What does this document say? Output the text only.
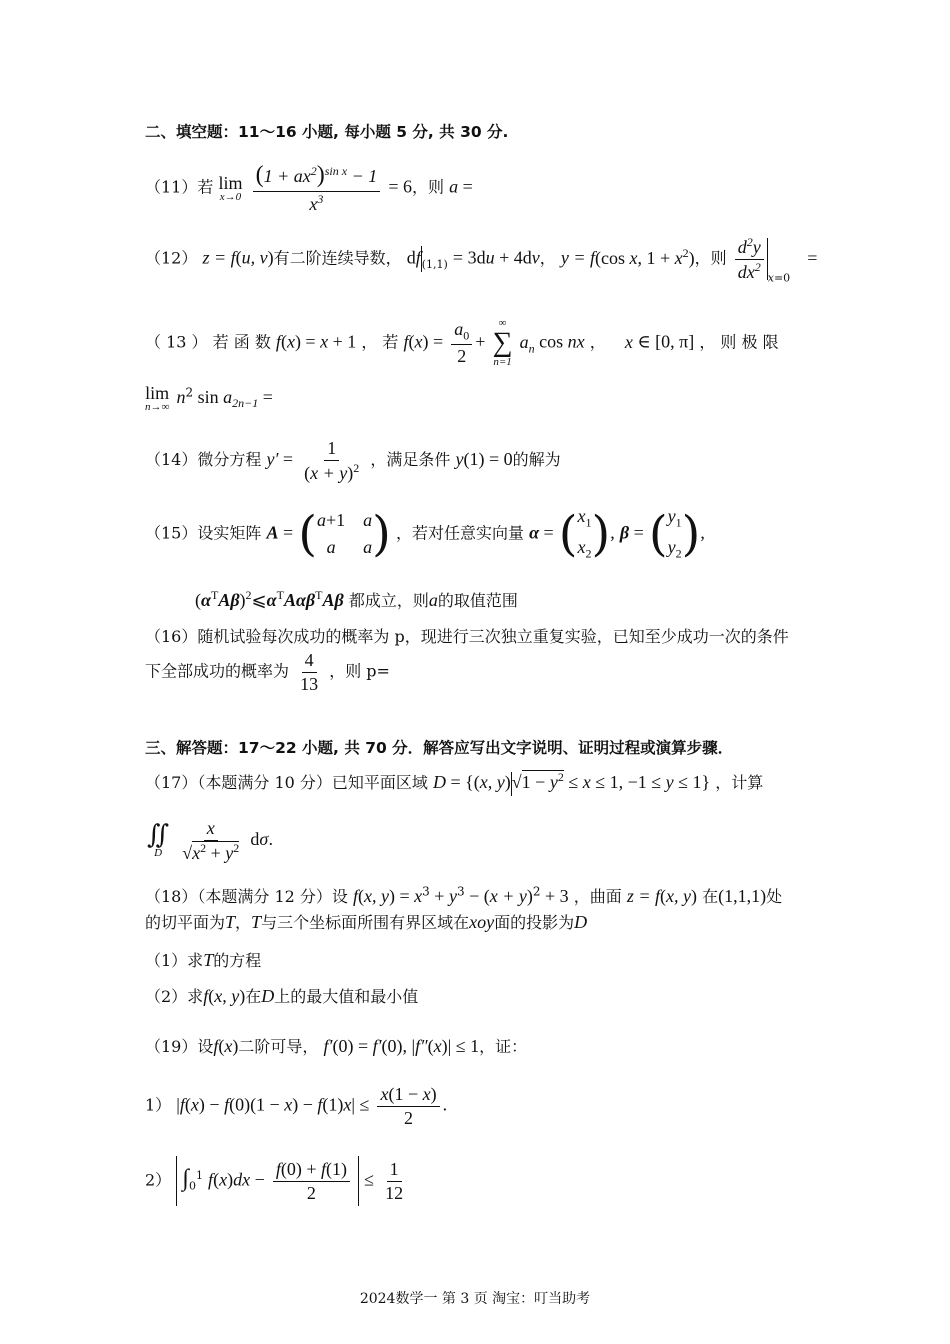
二、填空题：11～16 小题, 每小题 5 分, 共 30 分.
（11）若 lim
x→0
$\frac{(1 + ax^2)^{sin x} - 1}{x^3} = 6$，则 a =
（12） z = f(u, v)有二阶连续导数， $df_{(1,1)} = 3du + 4dv$， y = f(cos x, $1 + x^2$)，则 $\frac{d^2y}{dx^2} _{x=0}$ =
（ 13 ） 若 函 数 f(x) = x + 1 ， 若 $f(x) = \frac{a_0}{2}$ +
∞
∑
n=1
$a_n$ cos nx ， x ∈ [0, π] ， 则 极 限
lim
n→∞ $n^2$ $\sin a_{2n-1}$ =
（14）微分方程 $y' = \frac{1}{(x + y)^2}$ ，满足条件 y(1) = 0的解为
（15）设实矩阵 A = ( a+1 a
a	a ) ，若对任意实向量 α = ( $x_1$
$x_2$ ), β = ( $y_1$
$y_2$ ),
$(\alpha^TA\beta)^2⩽\alpha^TA\alpha\beta^TA\beta$ 都成立，则a的取值范围
（16）随机试验每次成功的概率为 p，现进行三次独立重复实验，已知至少成功一次的条件
下全部成功的概率为 $\frac{4}{13}$ ，则 p=
三、解答题：17～22 小题, 共 70 分．解答应写出文字说明、证明过程或演算步骤．
（17）（本题满分 10 分）已知平面区域 D = {(x, $y)√1 - y^2 \le x \le 1$, −1 ≤ y ≤ 1} ，计算
∬
D
$\frac{x}{√x^2 + y^2} d\sigma$.
（18）（本题满分 12 分）设 f(x, $y) = x^3 + y^3 - (x + y)^2 + 3$ ，曲面 z = f(x, y) 在(1,1,1)处
的切平面为T，T与三个坐标面所围有界区域在xoy面的投影为D
（1）求T的方程
（2）求f(x, y)在D上的最大值和最小值
（19）设f(x)二阶可导， f′(0) = f′(0), |f″(x)| ≤ 1，证：
1） $|f(x) - f(0)(1 - x) - f(1)x| \le \frac{x(1 - x)}{2}$ .
2） $\int_0^1$ $f(x)dx - \frac{f(0) + f(1)}{2} \le \frac{1}{12}$
2024数学一 第 3 页 淘宝：叮当助考
